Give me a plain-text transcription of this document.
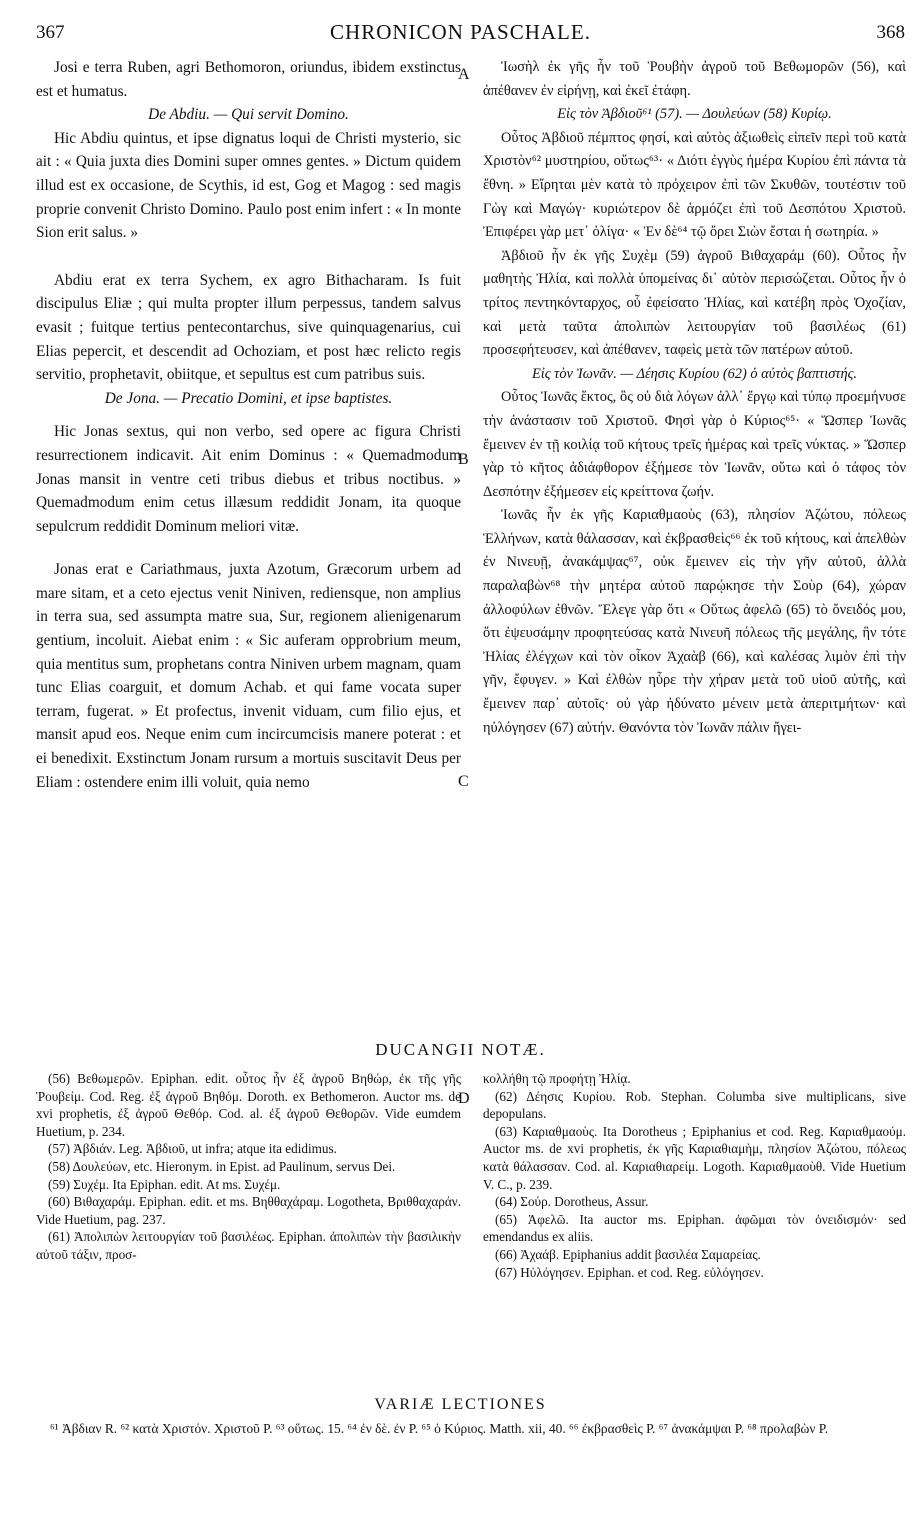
367	CHRONICON PASCHALE.	368

Josi e terra Ruben, agri Bethomoron, oriundus, ibidem exstinctus est et humatus.

De Abdiu. — Qui servit Domino.

Hic Abdiu quintus, et ipse dignatus loqui de Christi mysterio, sic ait : « Quia juxta dies Domini super omnes gentes. » Dictum quidem illud est ex occasione, de Scythis, id est, Gog et Magog : sed magis proprie convenit Christo Domino. Paulo post enim infert : « In monte Sion erit salus. »

Abdiu erat ex terra Sychem, ex agro Bithacharam. Is fuit discipulus Eliæ ; qui multa propter illum perpessus, tandem salvus evasit ; fuitque tertius pentecontarchus, sive quinquagenarius, cui Elias pepercit, et descendit ad Ochoziam, et post hæc relicto regis servitio, prophetavit, obiitque, et sepultus est cum patribus suis.

De Jona. — Precatio Domini, et ipse baptistes.

Hic Jonas sextus, qui non verbo, sed opere ac figura Christi resurrectionem indicavit. Ait enim Dominus : « Quemadmodum Jonas mansit in ventre ceti tribus diebus et tribus noctibus. » Quemadmodum enim cetus illæsum reddidit Jonam, ita quoque sepulcrum reddidit Dominum meliori vitæ.

Jonas erat e Cariathmaus, juxta Azotum, Græcorum urbem ad mare sitam, et a ceto ejectus venit Niniven, rediensque, non amplius in terra sua, sed assumpta matre sua, Sur, regionem alienigenarum gentium, incoluit. Aiebat enim : « Sic auferam opprobrium meum, quia mentitus sum, prophetans contra Niniven urbem magnam, quam tunc Elias coarguit, et domum Achab. et qui fame vocata super terram, fugerat. » Et profectus, invenit viduam, cum filio ejus, et mansit apud eos. Neque enim cum incircumcisis manere poterat : et ei benedixit. Exstinctum Jonam rursum a mortuis suscitavit Deus per Eliam : ostendere enim illi voluit, quia nemo

Ἰωσὴλ ἐκ γῆς ἦν τοῦ Ῥουβὴν ἀγροῦ τοῦ Βεθωμορῶν (56), καὶ ἀπέθανεν ἐν εἰρήνῃ, καὶ ἐκεῖ ἐτάφη.

Εἰς τὸν Ἀβδιοῦ⁶¹ (57). — Δουλεύων (58) Κυρίῳ.

Οὗτος Ἀβδιοῦ πέμπτος φησί, καὶ αὐτὸς ἀξιωθεὶς εἰπεῖν περὶ τοῦ κατὰ Χριστὸν⁶² μυστηρίου, οὕτως⁶³· « Διότι ἐγγὺς ἡμέρα Κυρίου ἐπὶ πάντα τὰ ἔθνη. » Εἴρηται μὲν κατὰ τὸ πρόχειρον ἐπὶ τῶν Σκυθῶν, τουτέστιν τοῦ Γὼγ καὶ Μαγώγ· κυριώτερον δὲ ἁρμόζει ἐπὶ τοῦ Δεσπότου Χριστοῦ. Ἐπιφέρει γὰρ μετ᾽ ὀλίγα· « Ἐν δὲ⁶⁴ τῷ ὄρει Σιὼν ἔσται ἡ σωτηρία. »

Ἀβδιοῦ ἦν ἐκ γῆς Συχὲμ (59) ἀγροῦ Βιθαχαράμ (60). Οὗτος ἦν μαθητὴς Ἠλία, καὶ πολλὰ ὑπομείνας δι᾽ αὐτὸν περισώζεται. Οὗτος ἦν ὁ τρίτος πεντηκόνταρχος, οὗ ἐφείσατο Ἠλίας, καὶ κατέβη πρὸς Ὀχοζίαν, καὶ μετὰ ταῦτα ἀπολιπὼν λειτουργίαν τοῦ βασιλέως (61) προσεφήτευσεν, καὶ ἀπέθανεν, ταφεὶς μετὰ τῶν πατέρων αὐτοῦ.

Εἰς τὸν Ἰωνᾶν. — Δέησις Κυρίου (62) ὁ αὐτὸς βαπτιστής.

Οὗτος Ἰωνᾶς ἕκτος, ὃς οὐ διὰ λόγων ἀλλ᾽ ἔργῳ καὶ τύπῳ προεμήνυσε τὴν ἀνάστασιν τοῦ Χριστοῦ. Φησὶ γὰρ ὁ Κύριος⁶⁵· « Ὥσπερ Ἰωνᾶς ἔμεινεν ἐν τῇ κοιλίᾳ τοῦ κήτους τρεῖς ἡμέρας καὶ τρεῖς νύκτας. » Ὥσπερ γὰρ τὸ κῆτος ἀδιάφθορον ἐξήμεσε τὸν Ἰωνᾶν, οὕτω καὶ ὁ τάφος τὸν Δεσπότην ἐξήμεσεν εἰς κρείττονα ζωήν.

Ἰωνᾶς ἦν ἐκ γῆς Καριαθμαοὺς (63), πλησίον Ἀζώτου, πόλεως Ἑλλήνων, κατὰ θάλασσαν, καὶ ἐκβρασθεὶς⁶⁶ ἐκ τοῦ κήτους, καὶ ἀπελθὼν ἐν Νινευῇ, ἀνακάμψας⁶⁷, οὐκ ἔμεινεν εἰς τὴν γῆν αὐτοῦ, ἀλλὰ παραλαβὼν⁶⁸ τὴν μητέρα αὐτοῦ παρῴκησε τὴν Σοὺρ (64), χώραν ἀλλοφύλων ἐθνῶν. Ἔλεγε γὰρ ὅτι « Οὕτως ἀφελῶ (65) τὸ ὄνειδός μου, ὅτι ἐψευσάμην προφητεύσας κατὰ Νινευῆ πόλεως τῆς μεγάλης, ἣν τότε Ἠλίας ἐλέγχων καὶ τὸν οἶκον Ἀχαὰβ (66), καὶ καλέσας λιμὸν ἐπὶ τὴν γῆν, ἔφυγεν. » Καὶ ἐλθὼν ηὗρε τὴν χήραν μετὰ τοῦ υἱοῦ αὐτῆς, καὶ ἔμεινεν παρ᾽ αὐτοῖς· οὐ γὰρ ἠδύνατο μένειν μετὰ ἀπεριτμήτων· καὶ ηὐλόγησεν (67) αὐτήν. Θανόντα τὸν Ἰωνᾶν πάλιν ἤγει-

A
B
C
D
DUCANGII NOTÆ.

(56) Βεθωμερῶν. Epiphan. edit. οὗτος ἦν ἐξ ἀγροῦ Βηθώρ, ἐκ τῆς γῆς Ῥουβείμ. Cod. Reg. ἐξ ἀγροῦ Βηθόμ. Doroth. ex Bethomeron. Auctor ms. de xvi prophetis, ἐξ ἀγροῦ Θεθόρ. Cod. al. ἐξ ἀγροῦ Θεθορῶν. Vide eumdem Huetium, p. 234.

(57) Ἀβδιάν. Leg. Ἀβδιοῦ, ut infra; atque ita edidimus.

(58) Δουλεύων, etc. Hieronym. in Epist. ad Paulinum, servus Dei.

(59) Συχέμ. Ita Epiphan. edit. At ms. Συχέμ.

(60) Βιθαχαράμ. Epiphan. edit. et ms. Βηθθαχάραμ. Logotheta, Βριθθαχαράν. Vide Huetium, pag. 237.

(61) Ἀπολιπὼν λειτουργίαν τοῦ βασιλέως. Epiphan. ἀπολιπὼν τὴν βασιλικὴν αὐτοῦ τάξιν, προσ-

κολλήθη τῷ προφήτῃ Ἠλίᾳ.

(62) Δέησις Κυρίου. Rob. Stephan. Columba sive multiplicans, sive depopulans.

(63) Καριαθμαοὺς. Ita Dorotheus ; Epiphanius et cod. Reg. Καριαθμαούμ. Auctor ms. de xvi prophetis, ἐκ γῆς Καριαθιαμὴμ, πλησίον Ἀζώτου, πόλεως κατὰ θάλασσαν. Cod. al. Καριαθιαρείμ. Logoth. Καριαθμαοὺθ. Vide Huetium V. C., p. 239.

(64) Σούρ. Dorotheus, Assur.

(65) Ἀφελῶ. Ita auctor ms. Epiphan. ἀφῶμαι τὸν ὀνειδισμόν· sed emendandus ex aliis.

(66) Ἀχαάβ. Epiphanius addit βασιλέα Σαμαρείας.

(67) Ηὐλόγησεν. Epiphan. et cod. Reg. εὐλόγησεν.

VARIÆ LECTIONES
⁶¹ Ἀβδιαν R. ⁶² κατὰ Χριστόν. Χριστοῦ P. ⁶³ οὕτως. 15. ⁶⁴ ἐν δὲ. ἐν P. ⁶⁵ ὁ Κύριος. Matth. xii, 40. ⁶⁶ ἐκβρασθεὶς P. ⁶⁷ ἀνακάμψαι P. ⁶⁸ προλαβὼν P.
